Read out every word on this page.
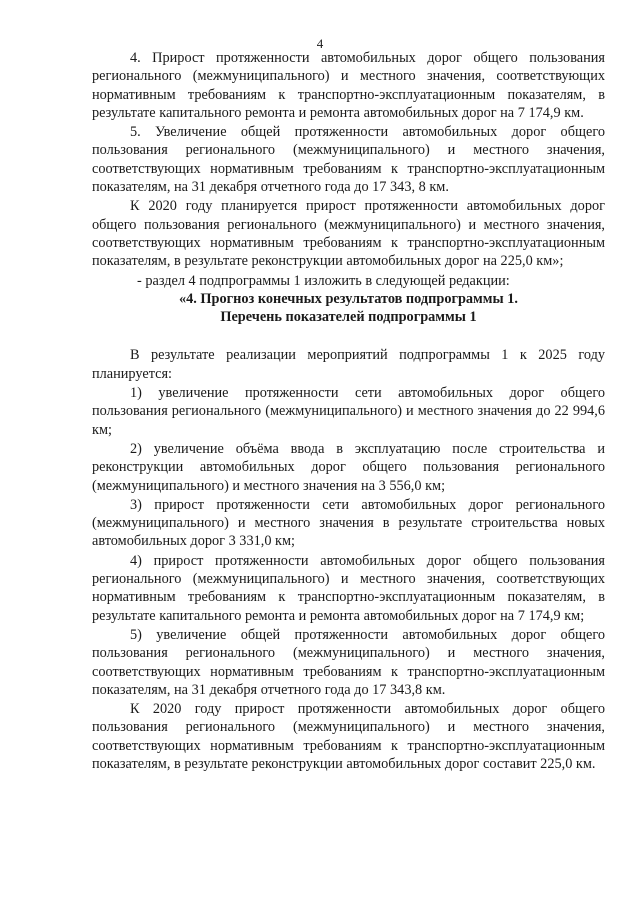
4

4. Прирост протяженности автомобильных дорог общего пользования регионального (межмуниципального) и местного значения, соответствующих нормативным требованиям к транспортно-эксплуатационным показателям, в результате капитального ремонта и ремонта автомобильных дорог на 7 174,9 км.

5. Увеличение общей протяженности автомобильных дорог общего пользования регионального (межмуниципального) и местного значения, соответствующих нормативным требованиям к транспортно-эксплуатационным показателям, на 31 декабря отчетного года до 17 343, 8 км.

К 2020 году планируется прирост протяженности автомобильных дорог общего пользования регионального (межмуниципального) и местного значения, соответствующих нормативным требованиям к транспортно-эксплуатационным показателям, в результате реконструкции автомобильных дорог на 225,0 км»;

- раздел 4 подпрограммы 1 изложить в следующей редакции:

«4. Прогноз конечных результатов подпрограммы 1.

Перечень показателей подпрограммы 1

В результате реализации мероприятий подпрограммы 1 к 2025 году планируется:

1) увеличение протяженности сети автомобильных дорог общего пользования регионального (межмуниципального) и местного значения до 22 994,6 км;

2) увеличение объёма ввода в эксплуатацию после строительства и реконструкции автомобильных дорог общего пользования регионального (межмуниципального) и местного значения на 3 556,0 км;

3) прирост протяженности сети автомобильных дорог регионального (межмуниципального) и местного значения в результате строительства новых автомобильных дорог 3 331,0 км;

4) прирост протяженности автомобильных дорог общего пользования регионального (межмуниципального) и местного значения, соответствующих нормативным требованиям к транспортно-эксплуатационным показателям, в результате капитального ремонта и ремонта автомобильных дорог на 7 174,9 км;

5) увеличение общей протяженности автомобильных дорог общего пользования регионального (межмуниципального) и местного значения, соответствующих нормативным требованиям к транспортно-эксплуатационным показателям, на 31 декабря отчетного года до 17 343,8 км.

К 2020 году прирост протяженности автомобильных дорог общего пользования регионального (межмуниципального) и местного значения, соответствующих нормативным требованиям к транспортно-эксплуатационным показателям, в результате реконструкции автомобильных дорог составит 225,0 км.
